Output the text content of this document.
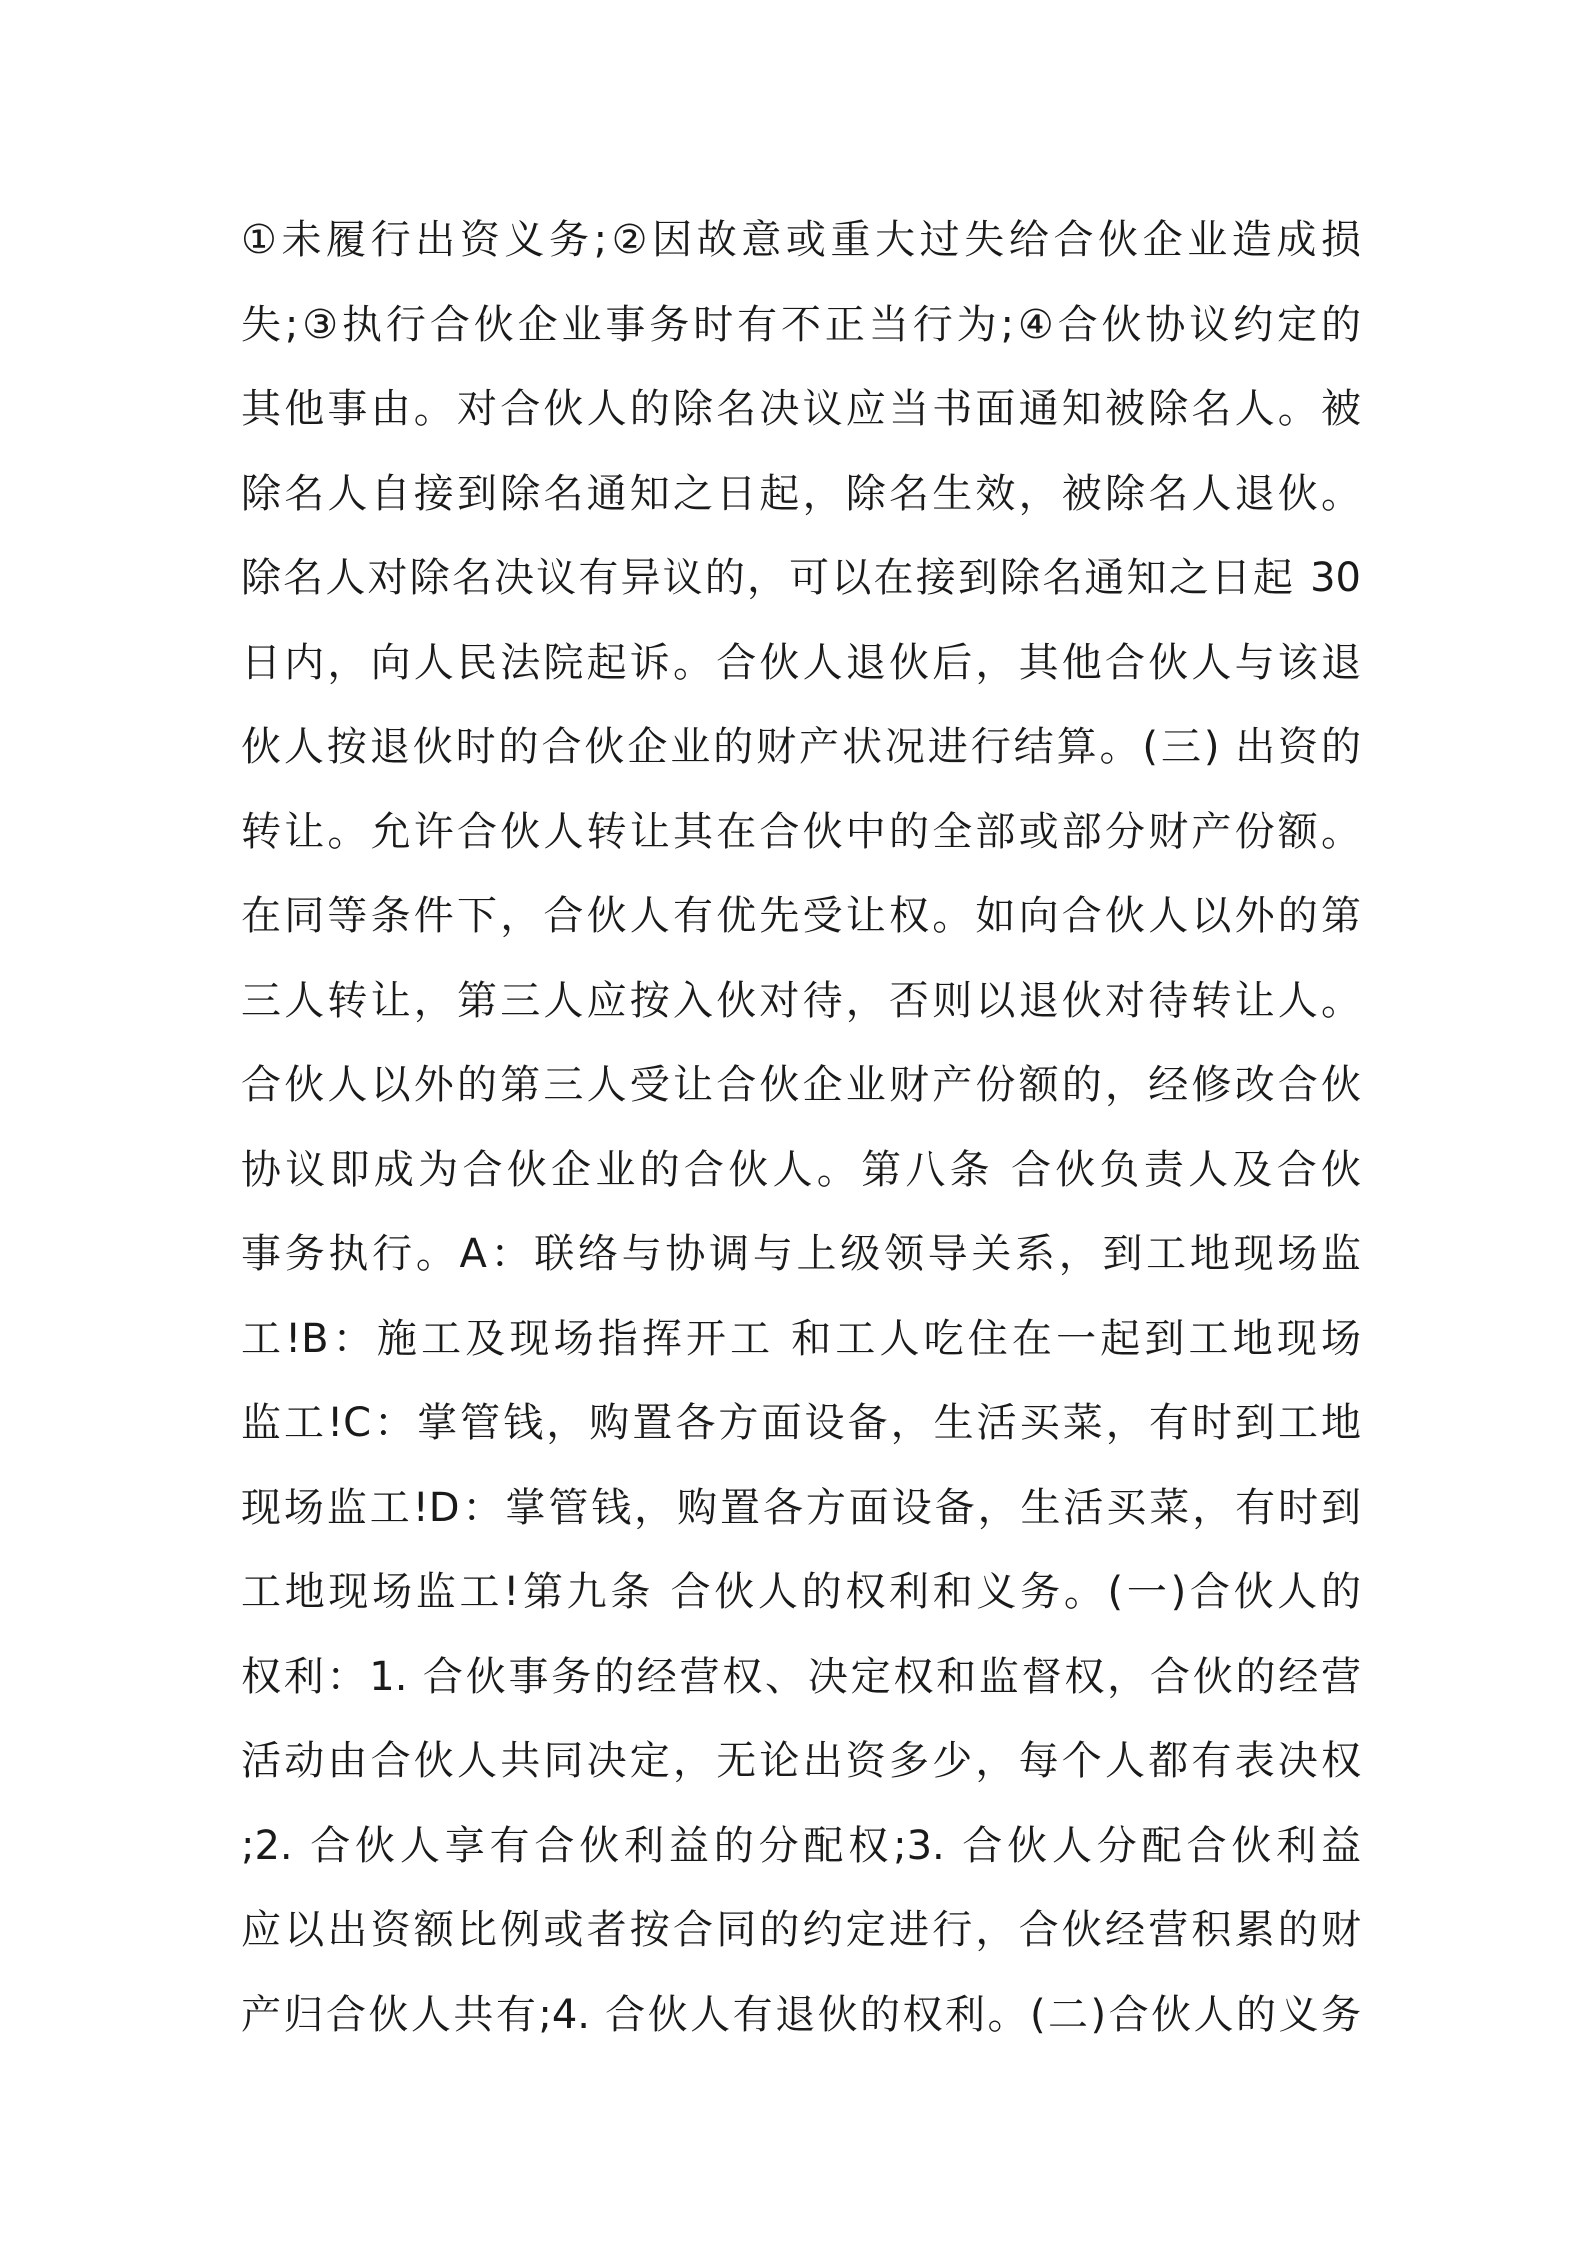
①未履行出资义务;②因故意或重大过失给合伙企业造成损
失;③执行合伙企业事务时有不正当行为;④合伙协议约定的
其他事由。对合伙人的除名决议应当书面通知被除名人。被
除名人自接到除名通知之日起，除名生效，被除名人退伙。
除名人对除名决议有异议的，可以在接到除名通知之日起 30
日内，向人民法院起诉。合伙人退伙后，其他合伙人与该退
伙人按退伙时的合伙企业的财产状况进行结算。(三) 出资的
转让。允许合伙人转让其在合伙中的全部或部分财产份额。
在同等条件下，合伙人有优先受让权。如向合伙人以外的第
三人转让，第三人应按入伙对待，否则以退伙对待转让人。
合伙人以外的第三人受让合伙企业财产份额的，经修改合伙
协议即成为合伙企业的合伙人。第八条 合伙负责人及合伙
事务执行。A：联络与协调与上级领导关系，到工地现场监
工!B：施工及现场指挥开工 和工人吃住在一起到工地现场
监工!C：掌管钱，购置各方面设备，生活买菜，有时到工地
现场监工!D：掌管钱，购置各方面设备，生活买菜，有时到
工地现场监工!第九条 合伙人的权利和义务。(一)合伙人的
权利：1. 合伙事务的经营权、决定权和监督权，合伙的经营
活动由合伙人共同决定，无论出资多少，每个人都有表决权
;2. 合伙人享有合伙利益的分配权;3. 合伙人分配合伙利益
应以出资额比例或者按合同的约定进行，合伙经营积累的财
产归合伙人共有;4. 合伙人有退伙的权利。(二)合伙人的义务
